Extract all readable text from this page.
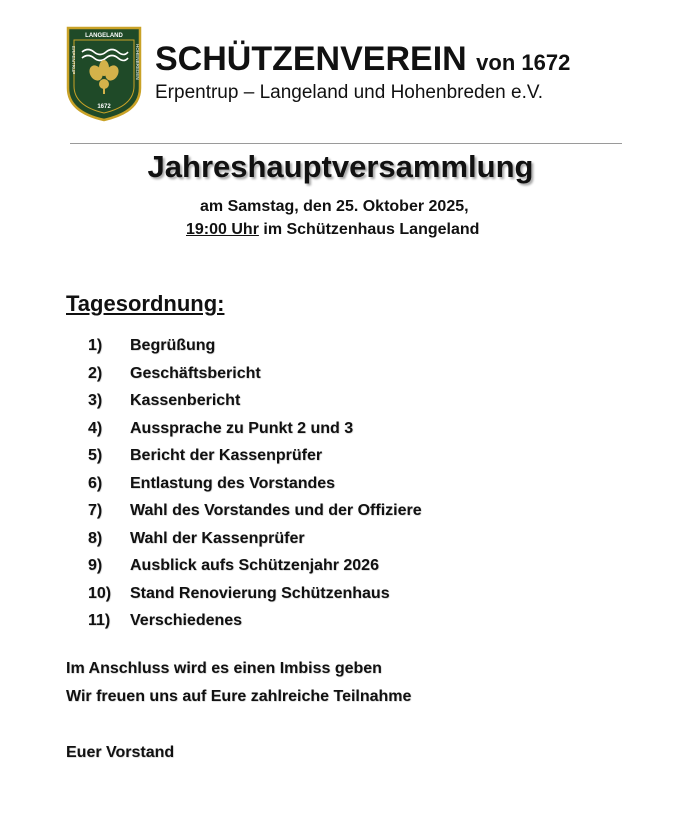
LANGELAND
ERPENTRUP	HOHENBREDEN
1672
SCHÜTZENVEREIN von 1672
Erpentrup – Langeland und Hohenbreden e.V.
Jahreshauptversammlung
am Samstag, den 25. Oktober 2025,
19:00 Uhr im Schützenhaus Langeland
Tagesordnung:
1) Begrüßung
2) Geschäftsbericht
3) Kassenbericht
4) Aussprache zu Punkt 2 und 3
5) Bericht der Kassenprüfer
6) Entlastung des Vorstandes
7) Wahl des Vorstandes und der Offiziere
8) Wahl der Kassenprüfer
9) Ausblick aufs Schützenjahr 2026
10) Stand Renovierung Schützenhaus
11) Verschiedenes
Im Anschluss wird es einen Imbiss geben
Wir freuen uns auf Eure zahlreiche Teilnahme
Euer Vorstand
